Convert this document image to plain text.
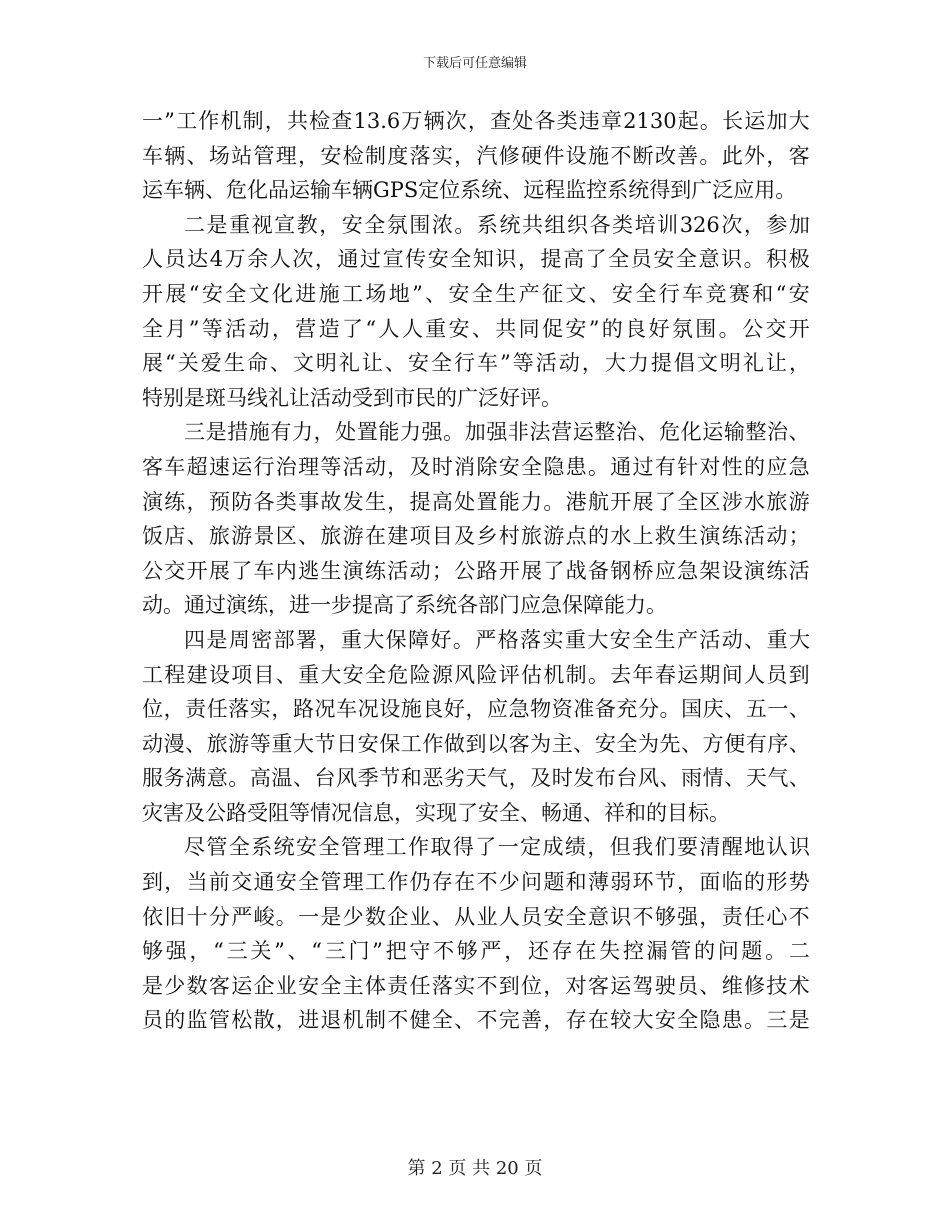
下载后可任意编辑
一 ” 工 作 机 制 ， 共 检 查 13.6 万 辆 次 ， 查 处 各 类 违 章 2130 起 。 长 运 加 大
车 辆 、 场 站 管 理 ， 安 检 制 度 落 实 ， 汽 修 硬 件 设 施 不 断 改 善 。 此 外 ， 客
运车辆、危化品运输车辆GPS定位系统、远程监控系统得到广泛应用。
二 是 重 视 宣 教 ， 安 全 氛 围 浓 。 系 统 共 组 织 各 类 培 训 326 次 ， 参 加
人 员 达 4 万 余 人 次 ， 通 过 宣 传 安 全 知 识 ， 提 高 了 全 员 安 全 意 识 。 积 极
开 展 “ 安 全 文 化 进 施 工 场 地 ” 、 安 全 生 产 征 文 、 安 全 行 车 竞 赛 和 “ 安
全 月 ” 等 活 动 ， 营 造 了 “ 人 人 重 安 、 共 同 促 安 ” 的 良 好 氛 围 。 公 交 开
展 “ 关 爱 生 命 、 文 明 礼 让 、 安 全 行 车 ” 等 活 动 ， 大 力 提 倡 文 明 礼 让 ，
特别是斑马线礼让活动受到市民的广泛好评。
三 是 措 施 有 力 ， 处 置 能 力 强 。 加 强 非 法 营 运 整 治 、 危 化 运 输 整 治 、
客 车 超 速 运 行 治 理 等 活 动 ， 及 时 消 除 安 全 隐 患 。 通 过 有 针 对 性 的 应 急
演 练 ， 预 防 各 类 事 故 发 生 ， 提 高 处 置 能 力 。 港 航 开 展 了 全 区 涉 水 旅 游
饭 店 、 旅 游 景 区 、 旅 游 在 建 项 目 及 乡 村 旅 游 点 的 水 上 救 生 演 练 活 动 ；
公 交 开 展 了 车 内 逃 生 演 练 活 动 ； 公 路 开 展 了 战 备 钢 桥 应 急 架 设 演 练 活
动。通过演练，进一步提高了系统各部门应急保障能力。
四 是 周 密 部 署 ， 重 大 保 障 好 。 严 格 落 实 重 大 安 全 生 产 活 动 、 重 大
工 程 建 设 项 目 、 重 大 安 全 危 险 源 风 险 评 估 机 制 。 去 年 春 运 期 间 人 员 到
位 ， 责 任 落 实 ， 路 况 车 况 设 施 良 好 ， 应 急 物 资 准 备 充 分 。 国 庆 、 五 一 、
动 漫 、 旅 游 等 重 大 节 日 安 保 工 作 做 到 以 客 为 主 、 安 全 为 先 、 方 便 有 序 、
服 务 满 意 。 高 温 、 台 风 季 节 和 恶 劣 天 气 ， 及 时 发 布 台 风 、 雨 情 、 天 气 、
灾害及公路受阻等情况信息，实现了安全、畅通、祥和的目标。
尽 管 全 系 统 安 全 管 理 工 作 取 得 了 一 定 成 绩 ， 但 我 们 要 清 醒 地 认 识
到 ， 当 前 交 通 安 全 管 理 工 作 仍 存 在 不 少 问 题 和 薄 弱 环 节 ， 面 临 的 形 势
依 旧 十 分 严 峻 。 一 是 少 数 企 业 、 从 业 人 员 安 全 意 识 不 够 强 ， 责 任 心 不
够 强 ， “ 三 关 ” 、 “ 三 门 ” 把 守 不 够 严 ， 还 存 在 失 控 漏 管 的 问 题 。 二
是 少 数 客 运 企 业 安 全 主 体 责 任 落 实 不 到 位 ， 对 客 运 驾 驶 员 、 维 修 技 术
员 的 监 管 松 散 ， 进 退 机 制 不 健 全 、 不 完 善 ， 存 在 较 大 安 全 隐 患 。 三 是
第 2 页 共 20 页
